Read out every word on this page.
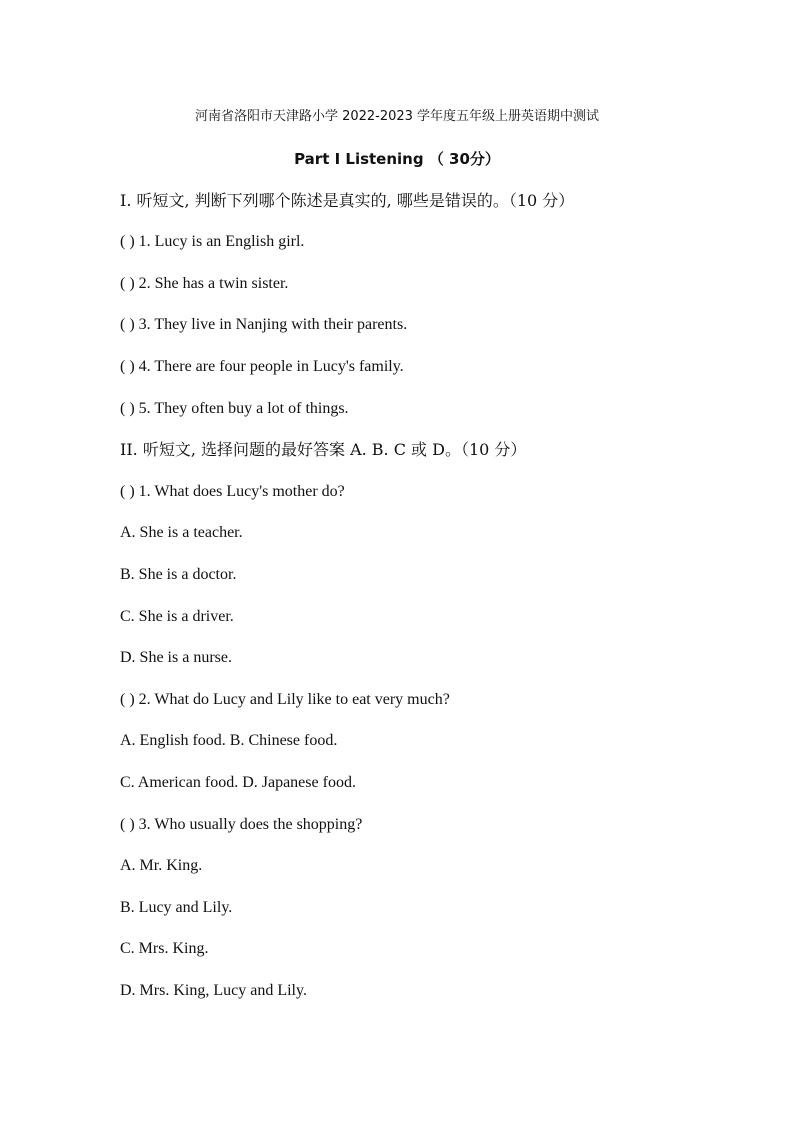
河南省洛阳市天津路小学 2022-2023 学年度五年级上册英语期中测试
Part I Listening （ 30分）
I. 听短文, 判断下列哪个陈述是真实的, 哪些是错误的。（10 分）
( ) 1. Lucy is an English girl.
( ) 2. She has a twin sister.
( ) 3. They live in Nanjing with their parents.
( ) 4. There are four people in Lucy's family.
( ) 5. They often buy a lot of things.
II. 听短文, 选择问题的最好答案 A. B. C 或 D。（10 分）
( ) 1. What does Lucy's mother do?
A. She is a teacher.
B. She is a doctor.
C. She is a driver.
D. She is a nurse.
( ) 2. What do Lucy and Lily like to eat very much?
A. English food. B. Chinese food.
C. American food. D. Japanese food.
( ) 3. Who usually does the shopping?
A. Mr. King.
B. Lucy and Lily.
C. Mrs. King.
D. Mrs. King, Lucy and Lily.
